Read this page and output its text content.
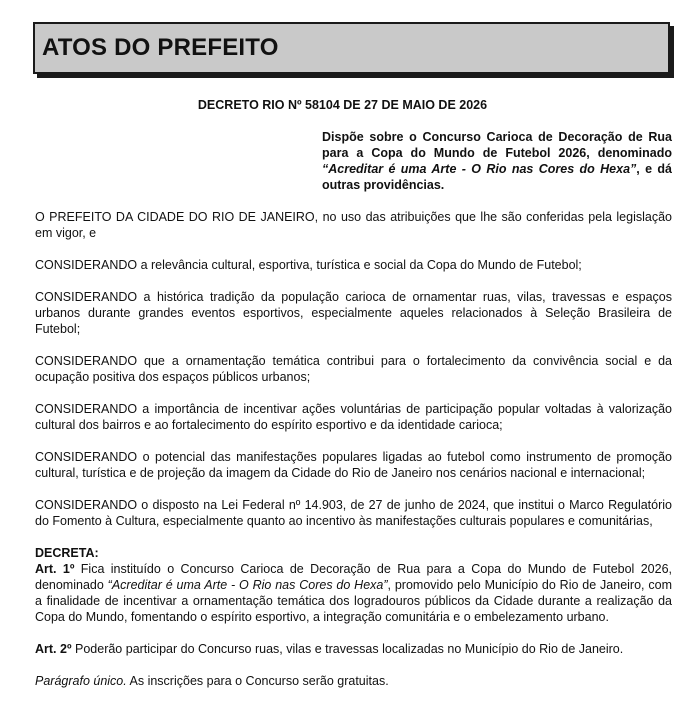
ATOS DO PREFEITO
DECRETO RIO Nº 58104 DE 27 DE MAIO DE 2026
Dispõe sobre o Concurso Carioca de Decoração de Rua para a Copa do Mundo de Futebol 2026, denominado “Acreditar é uma Arte - O Rio nas Cores do Hexa”, e dá outras providências.

O PREFEITO DA CIDADE DO RIO DE JANEIRO, no uso das atribuições que lhe são conferidas pela legislação em vigor, e

CONSIDERANDO a relevância cultural, esportiva, turística e social da Copa do Mundo de Futebol;

CONSIDERANDO a histórica tradição da população carioca de ornamentar ruas, vilas, travessas e espaços urbanos durante grandes eventos esportivos, especialmente aqueles relacionados à Seleção Brasileira de Futebol;

CONSIDERANDO que a ornamentação temática contribui para o fortalecimento da convivência social e da ocupação positiva dos espaços públicos urbanos;

CONSIDERANDO a importância de incentivar ações voluntárias de participação popular voltadas à valorização cultural dos bairros e ao fortalecimento do espírito esportivo e da identidade carioca;

CONSIDERANDO o potencial das manifestações populares ligadas ao futebol como instrumento de promoção cultural, turística e de projeção da imagem da Cidade do Rio de Janeiro nos cenários nacional e internacional;

CONSIDERANDO o disposto na Lei Federal nº 14.903, de 27 de junho de 2024, que institui o Marco Regulatório do Fomento à Cultura, especialmente quanto ao incentivo às manifestações culturais populares e comunitárias,

DECRETA:

Art. 1º Fica instituído o Concurso Carioca de Decoração de Rua para a Copa do Mundo de Futebol 2026, denominado “Acreditar é uma Arte - O Rio nas Cores do Hexa”, promovido pelo Município do Rio de Janeiro, com a finalidade de incentivar a ornamentação temática dos logradouros públicos da Cidade durante a realização da Copa do Mundo, fomentando o espírito esportivo, a integração comunitária e o embelezamento urbano.

Art. 2º Poderão participar do Concurso ruas, vilas e travessas localizadas no Município do Rio de Janeiro.

Parágrafo único. As inscrições para o Concurso serão gratuitas.
